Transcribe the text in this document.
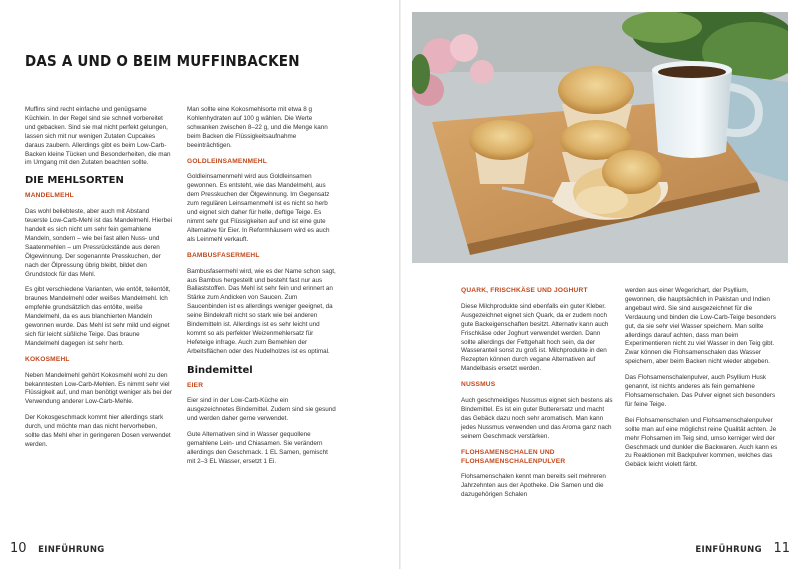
DAS A UND O BEIM MUFFINBACKEN

Muffins sind recht einfache und genügsame Küchlein. In der Regel sind sie schnell vorbereitet und gebacken. Sind sie mal nicht perfekt gelungen, lassen sich mit nur wenigen Zutaten Cupcakes daraus zaubern. Allerdings gibt es beim Low-Carb-Backen kleine Tücken und Besonderheiten, die man im Umgang mit den Zutaten beachten sollte.

DIE MEHLSORTEN

MANDELMEHL

Das wohl beliebteste, aber auch mit Abstand teuerste Low-Carb-Mehl ist das Mandelmehl. Hierbei handelt es sich nicht um sehr fein gemahlene Mandeln, sondern – wie bei fast allen Nuss- und Saatenmehlen – um Pressrückstände aus deren Ölgewinnung. Der sogenannte Presskuchen, der nach der Ölpressung übrig bleibt, bildet den Grundstock für das Mehl.

Es gibt verschiedene Varianten, wie entölt, teilentölt, braunes Mandelmehl oder weißes Mandelmehl. Ich empfehle grundsätzlich das entölte, weiße Mandelmehl, da es aus blanchierten Mandeln gewonnen wurde. Das Mehl ist sehr mild und eignet sich für leicht süßliche Teige. Das braune Mandelmehl dagegen ist sehr herb.

KOKOSMEHL

Neben Mandelmehl gehört Kokosmehl wohl zu den bekanntesten Low-Carb-Mehlen. Es nimmt sehr viel Flüssigkeit auf, und man benötigt weniger als bei der Verwendung anderer Low-Carb-Mehle.

Der Kokosgeschmack kommt hier allerdings stark durch, und möchte man das nicht hervorheben, sollte das Mehl eher in geringeren Dosen verwendet werden.

Man sollte eine Kokosmehlsorte mit etwa 8 g Kohlenhydraten auf 100 g wählen. Die Werte schwanken zwischen 8–22 g, und die Menge kann beim Backen die Flüssigkeitsaufnahme beeinträchtigen.

GOLDLEINSAMENMEHL

Goldleinsamenmehl wird aus Goldleinsamen gewonnen. Es entsteht, wie das Mandelmehl, aus dem Presskuchen der Ölgewinnung. Im Gegensatz zum regulären Leinsamenmehl ist es nicht so herb und eignet sich daher für helle, deftige Teige. Es nimmt sehr gut Flüssigkeiten auf und ist eine gute Alternative für Eier. In Reformhäusern wird es auch als Leinmehl verkauft.

BAMBUSFASERMEHL

Bambusfasermehl wird, wie es der Name schon sagt, aus Bambus hergestellt und besteht fast nur aus Ballaststoffen. Das Mehl ist sehr fein und erinnert an Stärke zum Andicken von Saucen. Zum Saucenbinden ist es allerdings weniger geeignet, da seine Bindekraft nicht so stark wie bei anderen Bindemitteln ist. Allerdings ist es sehr leicht und kommt so als perfekter Weizenmehlersatz für Hefeteige infrage. Auch zum Bemehlen der Arbeitsflächen oder des Nudelholzes ist es optimal.

Bindemittel

EIER

Eier sind in der Low-Carb-Küche ein ausgezeichnetes Bindemittel. Zudem sind sie gesund und werden daher gerne verwendet.

Gute Alternativen sind in Wasser gequollene gemahlene Lein- und Chiasamen. Sie verändern allerdings den Geschmack. 1 EL Samen, gemischt mit 2–3 EL Wasser, ersetzt 1 Ei.

QUARK, FRISCHKÄSE UND JOGHURT

Diese Milchprodukte sind ebenfalls ein guter Kleber. Ausgezeichnet eignet sich Quark, da er zudem noch gute Backeigenschaften besitzt. Alternativ kann auch Frischkäse oder Joghurt verwendet werden. Dann sollte allerdings der Fettgehalt hoch sein, da der Wasseranteil sonst zu groß ist. Milchprodukte in den Rezepten können durch vegane Alternativen auf Mandelbasis ersetzt werden.

NUSSMUS

Auch geschmeidiges Nussmus eignet sich bestens als Bindemittel. Es ist ein guter Butterersatz und macht das Gebäck dazu noch sehr aromatisch. Man kann jedes Nussmus verwenden und das Aroma ganz nach seinem Geschmack verstärken.

FLOHSAMENSCHALEN UND FLOHSAMENSCHALENPULVER

Flohsamenschalen kennt man bereits seit mehreren Jahrzehnten aus der Apotheke. Die Samen und die dazugehörigen Schalen

werden aus einer Wegerichart, der Psyllium, gewonnen, die hauptsächlich in Pakistan und Indien angebaut wird. Sie sind ausgezeichnet für die Verdauung und binden die Low-Carb-Teige besonders gut, da sie sehr viel Wasser speichern. Man sollte allerdings darauf achten, dass man beim Experimentieren nicht zu viel Wasser in den Teig gibt. Zwar können die Flohsamenschalen das Wasser speichern, aber beim Backen nicht wieder abgeben.

Das Flohsamenschalenpulver, auch Psyllium Husk genannt, ist nichts anderes als fein gemahlene Flohsamenschalen. Das Pulver eignet sich besonders für feine Teige.

Bei Flohsamenschalen und Flohsamenschalenpulver sollte man auf eine möglichst reine Qualität achten. Je mehr Flohsamen im Teig sind, umso kerniger wird der Geschmack und dunkler die Backwaren. Auch kann es zu Reaktionen mit Backpulver kommen, welches das Gebäck leicht violett färbt.

10 EINFÜHRUNG	EINFÜHRUNG 11
